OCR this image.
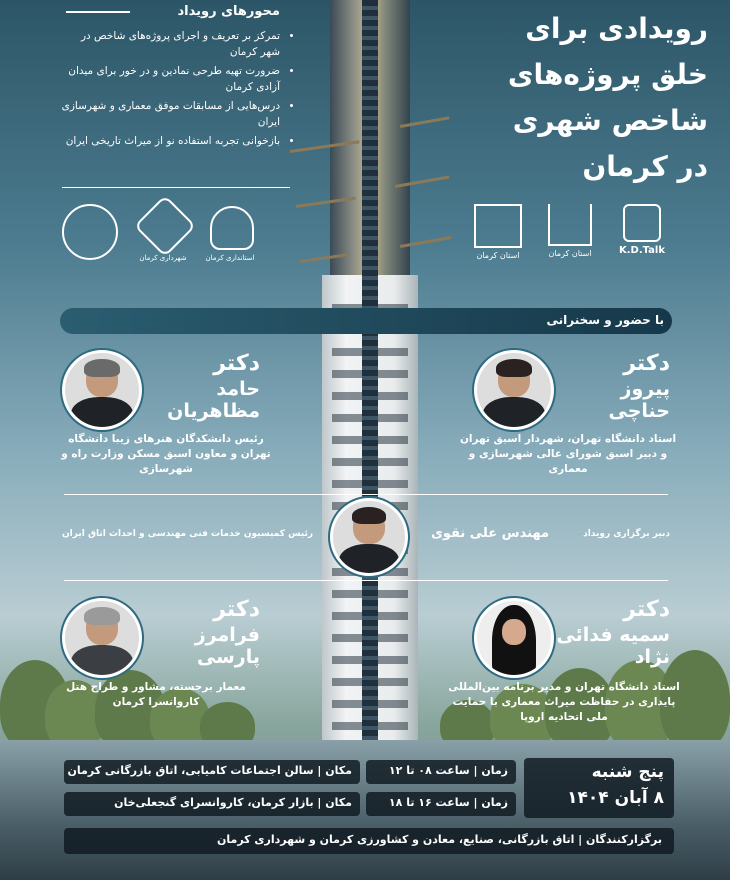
محورهای رویداد
• تمرکز بر تعریف و اجرای پروژه‌های شاخص در شهر کرمان
• ضرورت تهیه طرحی نمادین و در خور برای میدان آزادی کرمان
• درس‌هایی از مسابقات موفق معماری و شهرسازی ایران
• بازخوانی تجربه استفاده نو از میراث تاریخی ایران
شهرداری کرمان	استانداری کرمان
رویدادی برای
خلق پروژه‌های
شاخص شهری
در کرمان
استان کرمان	استان کرمان	K.D.Talk
با حضور و سخنرانی
دکتر
پیروز حناچی
استاد دانشگاه تهران، شهردار اسبق تهران و دبیر اسبق شورای عالی شهرسازی و معماری
دکتر
حامد مظاهریان
رئیس دانشکدگان هنرهای زیبا دانشگاه تهران و معاون اسبق مسکن وزارت راه و شهرسازی
رئیس کمیسیون خدمات فنی مهندسی و احداث اتاق ایران	مهندس علی نقوی	دبیر برگزاری رویداد
دکتر
سمیه فدائی نژاد
استاد دانشگاه تهران و مدیر برنامه بین‌المللی پایداری در حفاظت میراث معماری با حمایت ملی اتحادیه اروپا
دکتر
فرامرز پارسی
معمار برجسته، مشاور و طراح هتل کاروانسرا کرمان
پنج شنبه
۸ آبان ۱۴۰۴
زمان | ساعت ۰۸ تا ۱۲
مکان | سالن اجتماعات کامیابی، اتاق بازرگانی کرمان
زمان | ساعت ۱۶ تا ۱۸
مکان | بازار کرمان، کاروانسرای گنجعلی‌خان
برگزارکنندگان | اتاق بازرگانی، صنایع، معادن و کشاورزی کرمان و شهرداری کرمان
